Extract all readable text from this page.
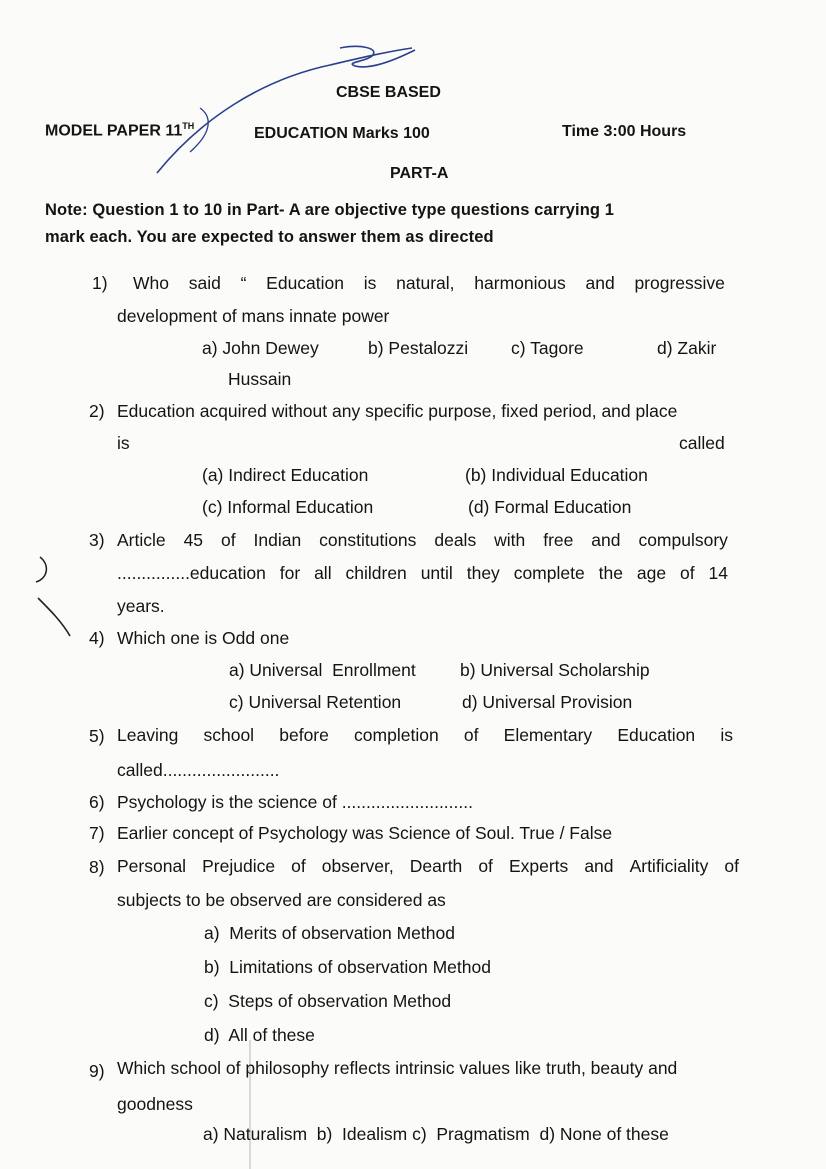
CBSE BASED
MODEL PAPER 11TH	EDUCATION Marks 100	Time 3:00 Hours
PART-A
Note: Question 1 to 10 in Part- A are objective type questions carrying 1
mark each. You are expected to answer them as directed
1) Who said “ Education is natural, harmonious and progressive
development of mans innate power
a) John Dewey	b) Pestalozzi c) Tagore	d) Zakir
Hussain
2) Education acquired without any specific purpose, fixed period, and place
is	called
(a) Indirect Education	(b) Individual Education
(c) Informal Education	(d) Formal Education
3) Article 45 of Indian constitutions deals with free and compulsory
...............education for all children until they complete the age of 14
years.
4) Which one is Odd one
a) Universal  Enrollment	b) Universal Scholarship
c) Universal Retention	d) Universal Provision
5) Leaving school before completion of Elementary Education is
called........................
6) Psychology is the science of ...........................
7) Earlier concept of Psychology was Science of Soul. True / False
8) Personal Prejudice of observer, Dearth of Experts and Artificiality of
subjects to be observed are considered as
a)  Merits of observation Method
b)  Limitations of observation Method
c)  Steps of observation Method
d)  All of these
9) Which school of philosophy reflects intrinsic values like truth, beauty and
goodness
a) Naturalism  b)  Idealism c)  Pragmatism  d) None of these
